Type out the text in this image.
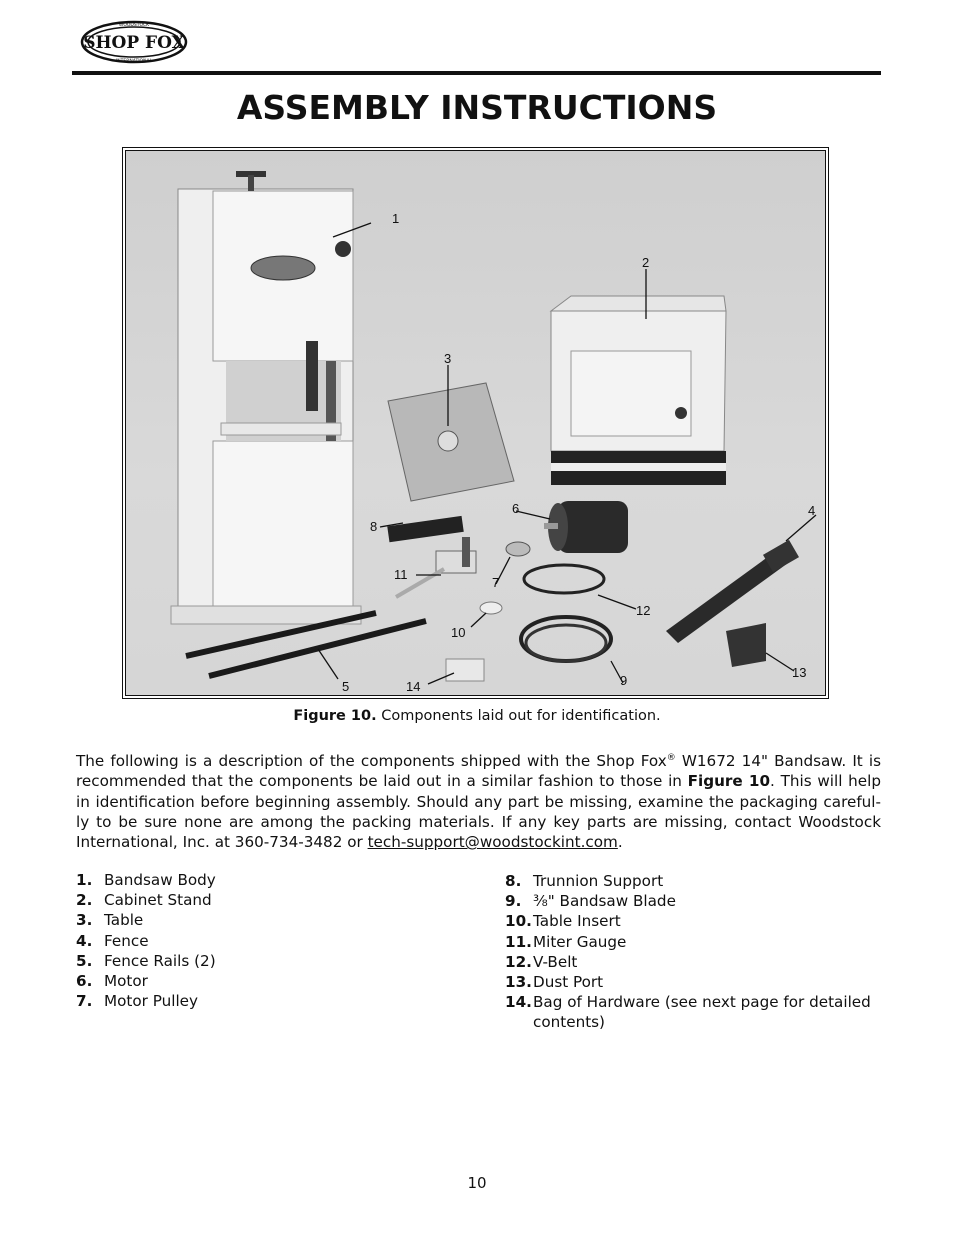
SHOP FOX
WOODSTOCK
INTERNATIONAL
ASSEMBLY INSTRUCTIONS
1
2
3
4
5
6
7
8
9
10
11
12
13
14
Figure 10. Components laid out for identification.
The following is a description of the components shipped with the Shop Fox® W1672 14" Bandsaw. It is recommended that the components be laid out in a similar fashion to those in Figure 10. This will help in identification before beginning assembly. Should any part be missing, examine the packaging careful-ly to be sure none are among the packing materials. If any key parts are missing, contact Woodstock International, Inc. at 360-734-3482 or tech-support@woodstockint.com.
1. Bandsaw Body
2. Cabinet Stand
3. Table
4. Fence
5. Fence Rails (2)
6. Motor
7. Motor Pulley
8. Trunnion Support
9. ³⁄₈" Bandsaw Blade
10. Table Insert
11. Miter Gauge
12. V-Belt
13. Dust Port
14. Bag of Hardware (see next page for detailed contents)
10
